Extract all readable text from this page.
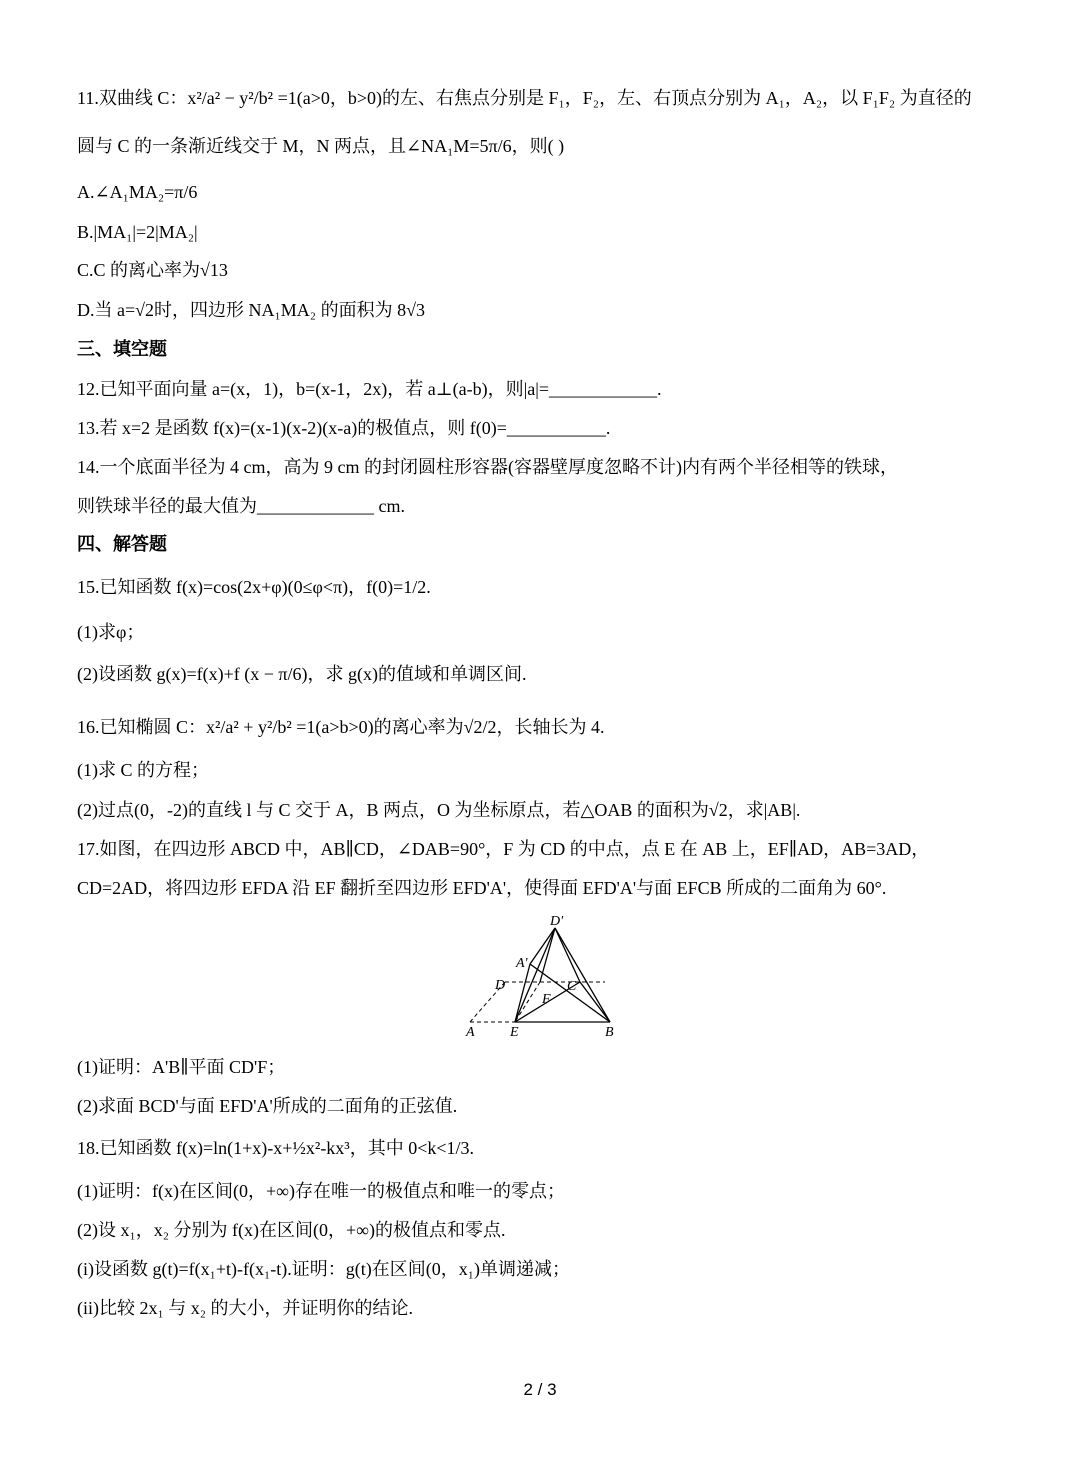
11.双曲线 C：x²/a² − y²/b² =1(a>0，b>0)的左、右焦点分别是 F₁，F₂，左、右顶点分别为 A₁，A₂，以 F₁F₂ 为直径的
圆与 C 的一条渐近线交于 M，N 两点，且∠NA₁M=5π/6，则( )
A.∠A₁MA₂=π/6
B.|MA₁|=2|MA₂|
C.C 的离心率为√13
D.当 a=√2时，四边形 NA₁MA₂ 的面积为 8√3
三、填空题
12.已知平面向量 a=(x，1)，b=(x-1，2x)，若 a⊥(a-b)，则|a|=____________.
13.若 x=2 是函数 f(x)=(x-1)(x-2)(x-a)的极值点，则 f(0)=___________.
14.一个底面半径为 4 cm，高为 9 cm 的封闭圆柱形容器(容器壁厚度忽略不计)内有两个半径相等的铁球，
则铁球半径的最大值为_____________ cm.
四、解答题
15.已知函数 f(x)=cos(2x+φ)(0≤φ<π)，f(0)=1/2.
(1)求φ；
(2)设函数 g(x)=f(x)+f (x − π/6)，求 g(x)的值域和单调区间.
16.已知椭圆 C：x²/a² + y²/b² =1(a>b>0)的离心率为√2/2，长轴长为 4.
(1)求 C 的方程；
(2)过点(0，-2)的直线 l 与 C 交于 A，B 两点，O 为坐标原点，若△OAB 的面积为√2，求|AB|.
17.如图，在四边形 ABCD 中，AB∥CD，∠DAB=90°，F 为 CD 的中点，点 E 在 AB 上，EF∥AD，AB=3AD，
CD=2AD，将四边形 EFDA 沿 EF 翻折至四边形 EFD'A'，使得面 EFD'A'与面 EFCB 所成的二面角为 60°.
D'
A'
D	C
F
A	E	B
(1)证明：A'B∥平面 CD'F；
(2)求面 BCD'与面 EFD'A'所成的二面角的正弦值.
18.已知函数 f(x)=ln(1+x)-x+½x²-kx³，其中 0<k<1/3.
(1)证明：f(x)在区间(0，+∞)存在唯一的极值点和唯一的零点；
(2)设 x₁，x₂ 分别为 f(x)在区间(0，+∞)的极值点和零点.
(i)设函数 g(t)=f(x₁+t)-f(x₁-t).证明：g(t)在区间(0，x₁)单调递减；
(ii)比较 2x₁ 与 x₂ 的大小，并证明你的结论.
2 / 3
